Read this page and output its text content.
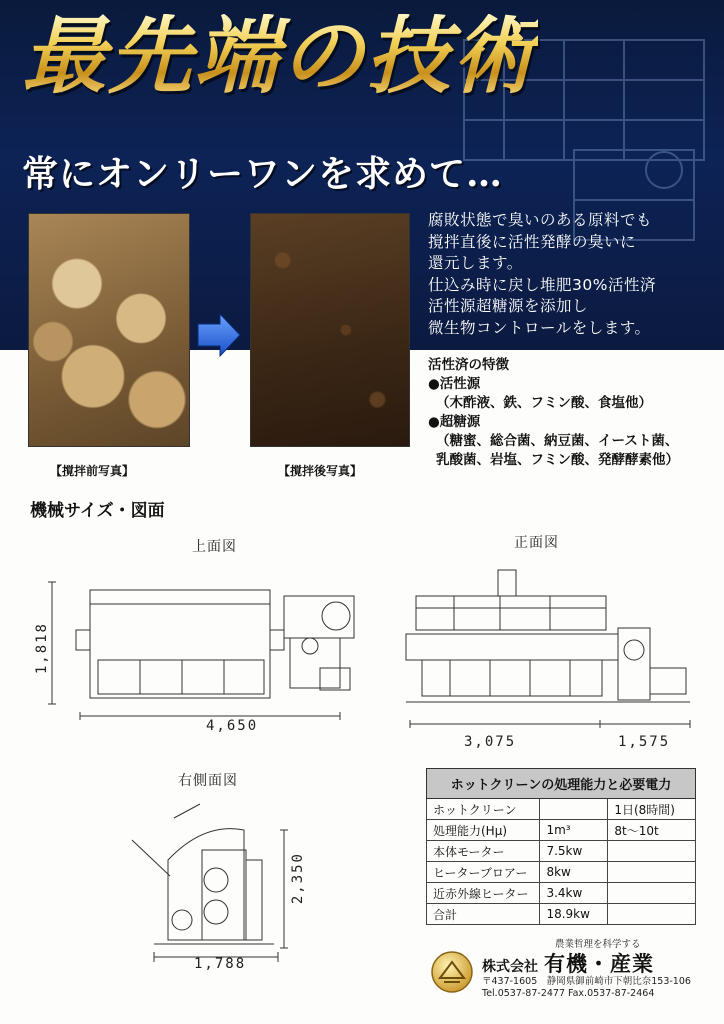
最先端の技術
常にオンリーワンを求めて…
腐敗状態で臭いのある原料でも
撹拌直後に活性発酵の臭いに
還元します。
仕込み時に戻し堆肥30%活性済
活性源超糖源を添加し
微生物コントロールをします。
【撹拌前写真】	【撹拌後写真】
活性済の特徴
●活性源
（木酢液、鉄、フミン酸、食塩他）
●超糖源
（糖蜜、総合菌、納豆菌、イースト菌、
乳酸菌、岩塩、フミン酸、発酵酵素他）
機械サイズ・図面
上面図
1,818
4,650
正面図
3,075	1,575
右側面図
2,350
1,788
ホットクリーンの処理能力と必要電力		
ホットクリーン		1日(8時間)
処理能力(Hμ)	1m³	8t〜10t
本体モーター	7.5kw	
ヒーターブロアー	8kw	
近赤外線ヒーター	3.4kw	
合計	18.9kw	
農業哲理を科学する
株式会社 有機・産業
〒437-1605　静岡県御前崎市下朝比奈153-106
Tel.0537-87-2477 Fax.0537-87-2464
